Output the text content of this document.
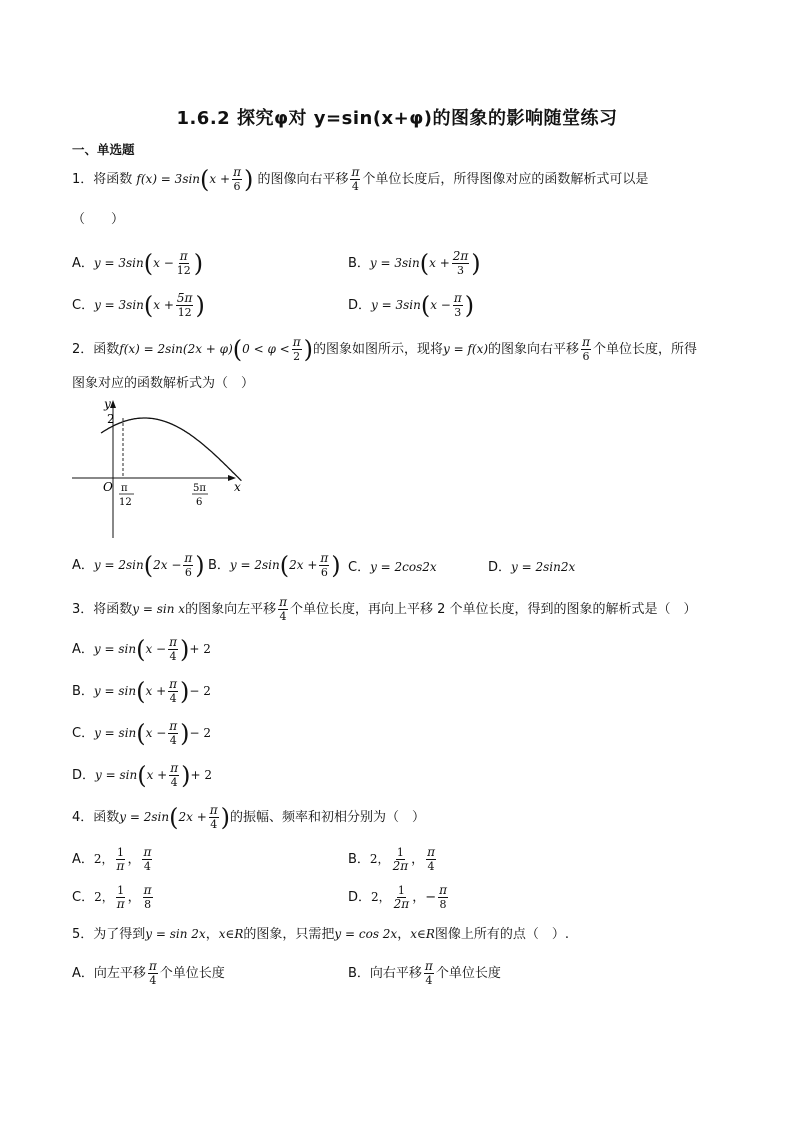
1.6.2 探究φ对 y=sin(x+φ)的图象的影响随堂练习
一、单选题
1．将函数 $f(x) = 3\sin(x + \frac{\pi}{6}$ ) 的图像向右平移 $\frac{\pi}{4}$ 个单位长度后，所得图像对应的函数解析式可以是
（　　）
A．$y = 3\sin(x - \frac{\pi}{12}$ )	B．$y = 3\sin(x + \frac{2\pi}{3}$ )
C．$y = 3\sin(x + \frac{5\pi}{12}$ )	D．$y = 3\sin(x - \frac{\pi}{3}$ )
2．函数$f(x) = 2\sin(2x + \varphi)(0 < \varphi < \frac{\pi}{2}$ )的图象如图所示，现将y = f(x)的图象向右平移 $\frac{\pi}{6}$ 个单位长度，所得
图象对应的函数解析式为（　）
y
x
O
2
π
12
5π
6
A．$y = 2\sin(2x - \frac{\pi}{6}$ ) B．$y = 2\sin(2x + \frac{\pi}{6}$ ) C．y = 2cos2x	D．y = 2sin2x
3．将函数y = sin x的图象向左平移 $\frac{\pi}{4}$ 个单位长度，再向上平移 2 个单位长度，得到的图象的解析式是（　）
A．$y = \sin(x - \frac{\pi}{4}$ )+ 2
B．$y = \sin(x + \frac{\pi}{4}$ )− 2
C．$y = \sin(x - \frac{\pi}{4}$ )− 2
D．$y = \sin(x + \frac{\pi}{4}$ )+ 2
4．函数$y = 2\sin(2x + \frac{\pi}{4}$ )的振幅、频率和初相分别为（　）
A．2， $\frac{1}{\pi}$ ， $\frac{\pi}{4}$	B．2， $\frac{1}{2\pi}$ ， $\frac{\pi}{4}$
C．2， $\frac{1}{\pi}$ ， $\frac{\pi}{8}$	D．2， $\frac{1}{2\pi}$ ，− $\frac{\pi}{8}$
5．为了得到y = sin 2x，x∈R的图象，只需把y = cos 2x，x∈R图像上所有的点（　）.
A．向左平移 $\frac{\pi}{4}$ 个单位长度	B．向右平移 $\frac{\pi}{4}$ 个单位长度
